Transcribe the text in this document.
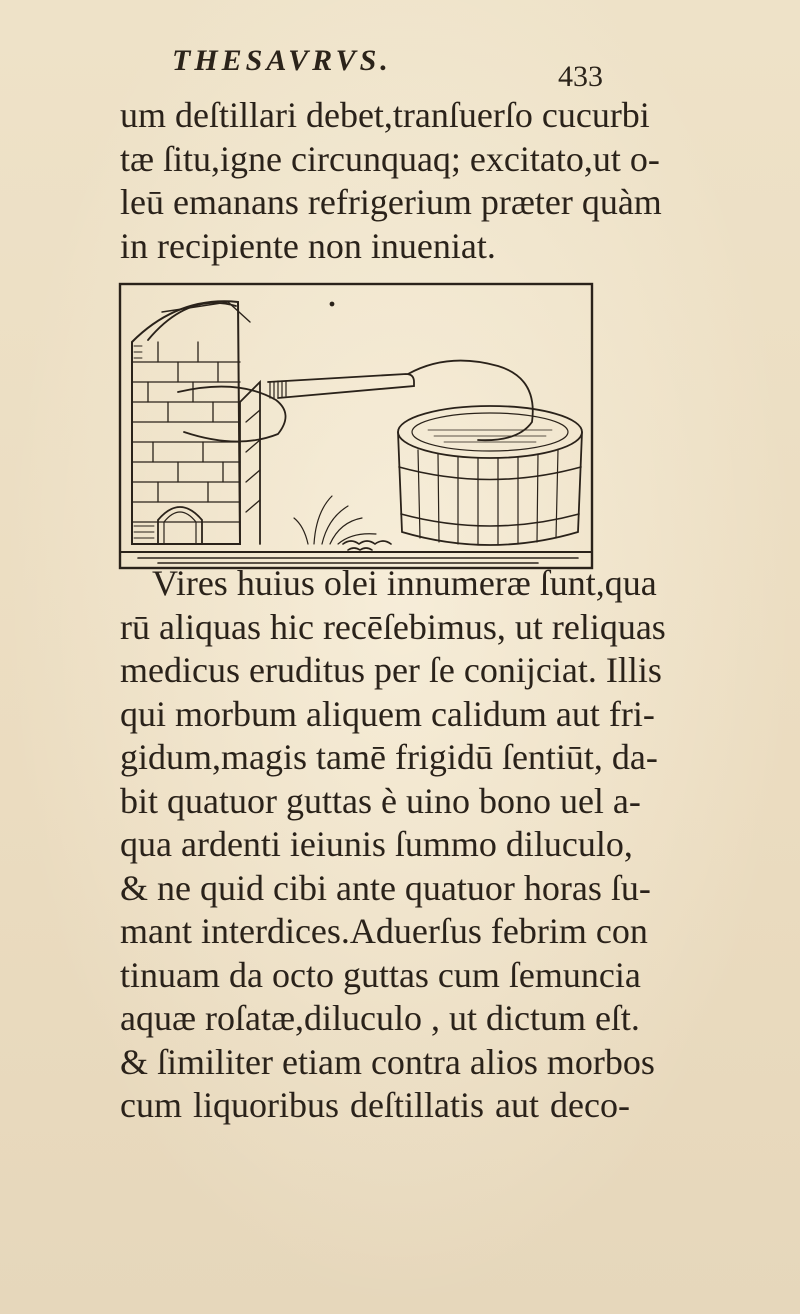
THESAVRVS.	433
um deſtillari debet,tranſuerſo cucurbi
tæ ſitu,igne circunquaq; excitato,ut o-
leū emanans refrigerium præter quàm
in recipiente non inueniat.
Vires huius olei innumeræ ſunt,qua
rū aliquas hic recēſebimus, ut reliquas
medicus eruditus per ſe conijciat. Illis
qui morbum aliquem calidum aut fri-
gidum,magis tamē frigidū ſentiūt, da-
bit quatuor guttas è uino bono uel a-
qua ardenti ieiunis ſummo diluculo,
& ne quid cibi ante quatuor horas ſu-
mant interdices.Aduerſus febrim con
tinuam da octo guttas cum ſemuncia
aquæ roſatæ,diluculo , ut dictum eſt.
& ſimiliter etiam contra alios morbos
cum liquoribus deſtillatis aut deco-
